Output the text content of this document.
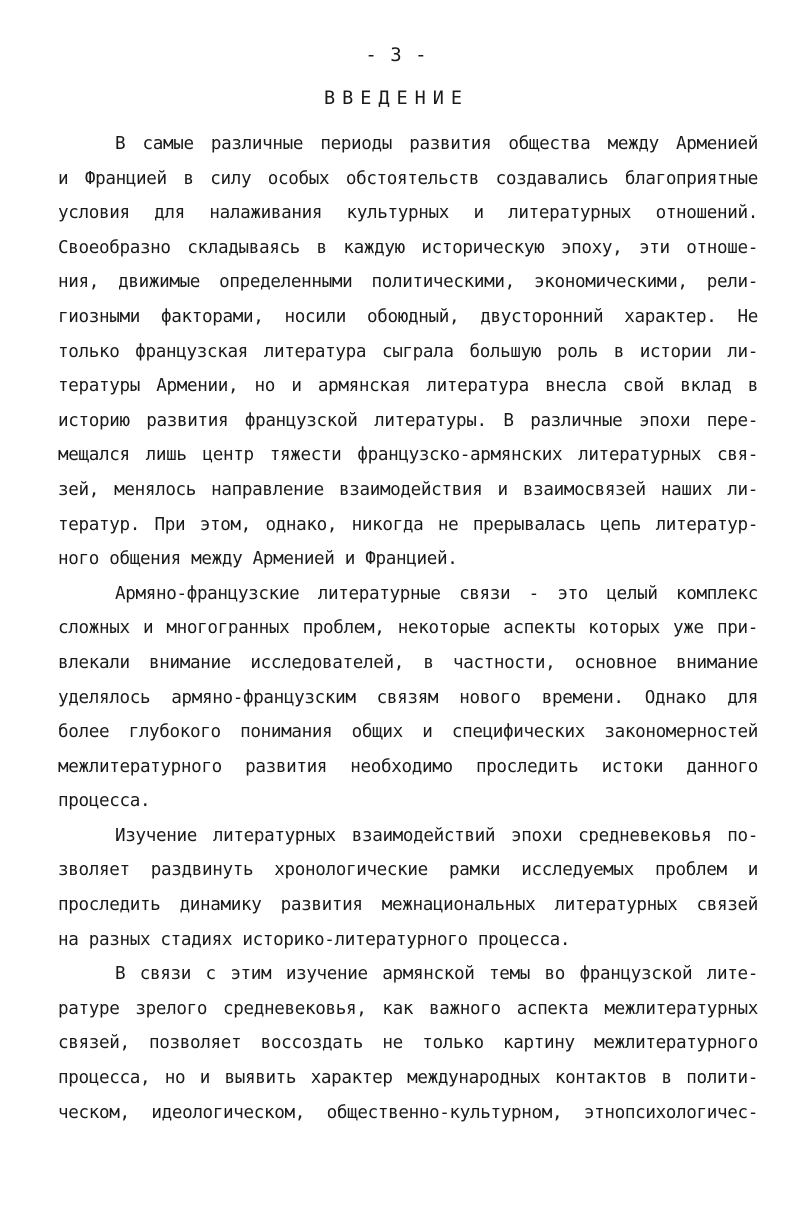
- 3 -
ВВЕДЕНИЕ
В самые различные периоды развития общества между Арменией
и Францией в силу особых обстоятельств создавались благоприятные
условия для налаживания культурных и литературных отношений.
Своеобразно складываясь в каждую историческую эпоху, эти отноше-
ния, движимые определенными политическими, экономическими, рели-
гиозными факторами, носили обоюдный, двусторонний характер. Не
только французская литература сыграла большую роль в истории ли-
тературы Армении, но и армянская литература внесла свой вклад в
историю развития французской литературы. В различные эпохи пере-
мещался лишь центр тяжести французско-армянских литературных свя-
зей, менялось направление взаимодействия и взаимосвязей наших ли-
тератур. При этом, однако, никогда не прерывалась цепь литератур-
ного общения между Арменией и Францией.
Армяно-французские литературные связи - это целый комплекс
сложных и многогранных проблем, некоторые аспекты которых уже при-
влекали внимание исследователей, в частности, основное внимание
уделялось армяно-французским связям нового времени. Однако для
более глубокого понимания общих и специфических закономерностей
межлитературного развития необходимо проследить истоки данного
процесса.
Изучение литературных взаимодействий эпохи средневековья по-
зволяет раздвинуть хронологические рамки исследуемых проблем и
проследить динамику развития межнациональных литературных связей
на разных стадиях историко-литературного процесса.
В связи с этим изучение армянской темы во французской лите-
ратуре зрелого средневековья, как важного аспекта межлитературных
связей, позволяет воссоздать не только картину межлитературного
процесса, но и выявить характер международных контактов в полити-
ческом, идеологическом, общественно-культурном, этнопсихологичес-
